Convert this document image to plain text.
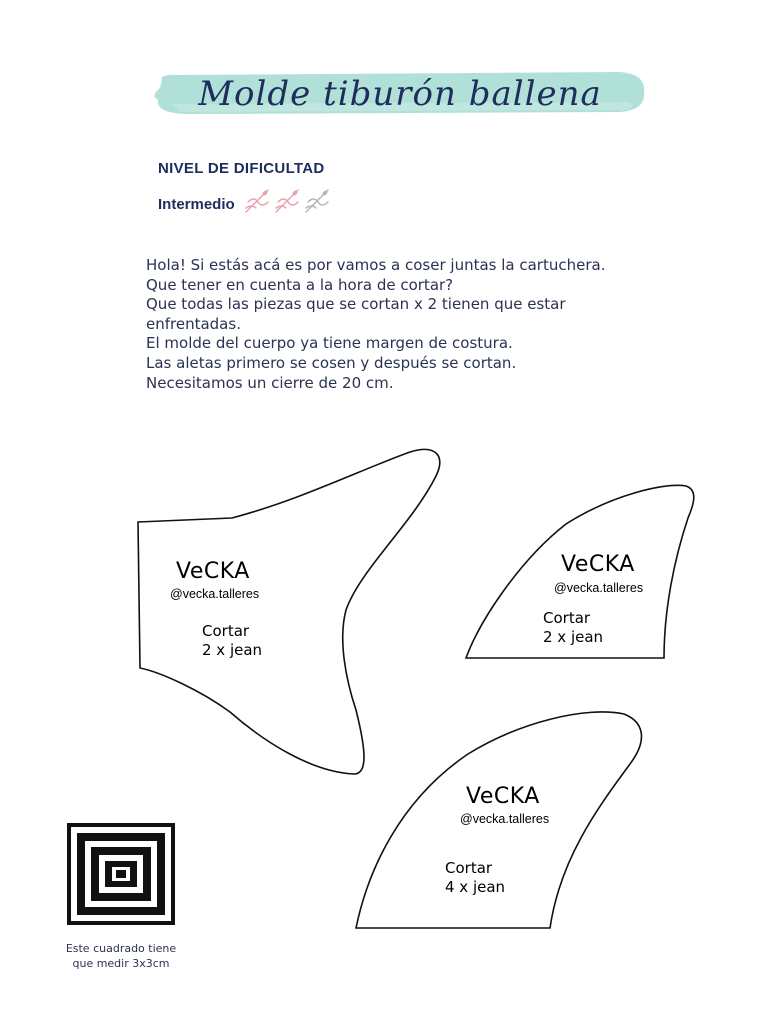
Molde tiburón ballena
NIVEL DE DIFICULTAD
Intermedio

Hola! Si estás acá es por vamos a coser juntas la cartuchera.

Que tener en cuenta a la hora de cortar?

Que todas las piezas que se cortan x 2 tienen que estar enfrentadas.

El molde del cuerpo ya tiene margen de costura.

Las aletas primero se cosen y después se cortan.

Necesitamos un cierre de 20 cm.

VeCKA
@vecka.talleres
Cortar
2 x jean
VeCKA
@vecka.talleres
Cortar
2 x jean
VeCKA
@vecka.talleres
Cortar
4 x jean
Este cuadrado tiene
que medir 3x3cm
